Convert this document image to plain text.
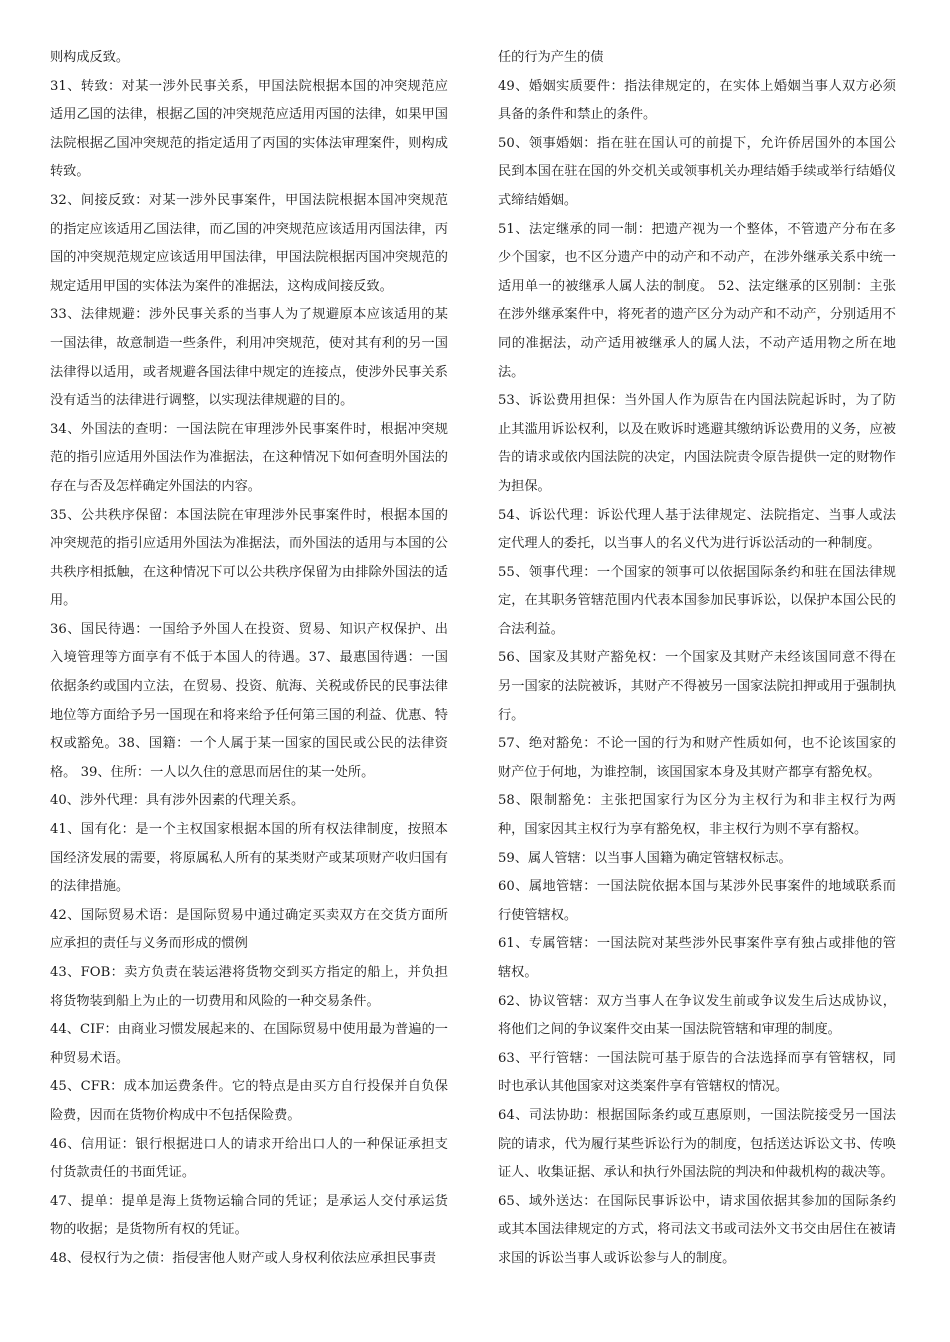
则构成反致。

31、转致：对某一涉外民事关系，甲国法院根据本国的冲突规范应适用乙国的法律，根据乙国的冲突规范应适用丙国的法律，如果甲国法院根据乙国冲突规范的指定适用了丙国的实体法审理案件，则构成转致。

32、间接反致：对某一涉外民事案件，甲国法院根据本国冲突规范的指定应该适用乙国法律，而乙国的冲突规范应该适用丙国法律，丙国的冲突规范规定应该适用甲国法律，甲国法院根据丙国冲突规范的规定适用甲国的实体法为案件的准据法，这构成间接反致。

33、法律规避：涉外民事关系的当事人为了规避原本应该适用的某一国法律，故意制造一些条件，利用冲突规范，使对其有利的另一国法律得以适用，或者规避各国法律中规定的连接点，使涉外民事关系没有适当的法律进行调整，以实现法律规避的目的。

34、外国法的查明：一国法院在审理涉外民事案件时，根据冲突规范的指引应适用外国法作为准据法，在这种情况下如何查明外国法的存在与否及怎样确定外国法的内容。

35、公共秩序保留：本国法院在审理涉外民事案件时，根据本国的冲突规范的指引应适用外国法为准据法，而外国法的适用与本国的公共秩序相抵触，在这种情况下可以公共秩序保留为由排除外国法的适用。

36、国民待遇：一国给予外国人在投资、贸易、知识产权保护、出入境管理等方面享有不低于本国人的待遇。37、最惠国待遇：一国依据条约或国内立法，在贸易、投资、航海、关税或侨民的民事法律地位等方面给予另一国现在和将来给予任何第三国的利益、优惠、特权或豁免。38、国籍：一个人属于某一国家的国民或公民的法律资格。 39、住所：一人以久住的意思而居住的某一处所。

40、涉外代理：具有涉外因素的代理关系。

41、国有化：是一个主权国家根据本国的所有权法律制度，按照本国经济发展的需要，将原属私人所有的某类财产或某项财产收归国有的法律措施。

42、国际贸易术语：是国际贸易中通过确定买卖双方在交货方面所应承担的责任与义务而形成的惯例

43、FOB：卖方负责在装运港将货物交到买方指定的船上，并负担将货物装到船上为止的一切费用和风险的一种交易条件。

44、CIF：由商业习惯发展起来的、在国际贸易中使用最为普遍的一种贸易术语。

45、CFR：成本加运费条件。它的特点是由买方自行投保并自负保险费，因而在货物价构成中不包括保险费。

46、信用证：银行根据进口人的请求开给出口人的一种保证承担支付货款责任的书面凭证。

47、提单：提单是海上货物运输合同的凭证；是承运人交付承运货物的收据；是货物所有权的凭证。

48、侵权行为之债：指侵害他人财产或人身权利依法应承担民事责

任的行为产生的债

49、婚姻实质要件：指法律规定的，在实体上婚姻当事人双方必须具备的条件和禁止的条件。

50、领事婚姻：指在驻在国认可的前提下，允许侨居国外的本国公民到本国在驻在国的外交机关或领事机关办理结婚手续或举行结婚仪式缔结婚姻。

51、法定继承的同一制：把遗产视为一个整体，不管遗产分布在多少个国家，也不区分遗产中的动产和不动产，在涉外继承关系中统一适用单一的被继承人属人法的制度。 52、法定继承的区别制：主张在涉外继承案件中，将死者的遗产区分为动产和不动产，分别适用不同的准据法，动产适用被继承人的属人法，不动产适用物之所在地法。

53、诉讼费用担保：当外国人作为原告在内国法院起诉时，为了防止其滥用诉讼权利，以及在败诉时逃避其缴纳诉讼费用的义务，应被告的请求或依内国法院的决定，内国法院责令原告提供一定的财物作为担保。

54、诉讼代理：诉讼代理人基于法律规定、法院指定、当事人或法定代理人的委托，以当事人的名义代为进行诉讼活动的一种制度。

55、领事代理：一个国家的领事可以依据国际条约和驻在国法律规定，在其职务管辖范围内代表本国参加民事诉讼，以保护本国公民的合法利益。

56、国家及其财产豁免权：一个国家及其财产未经该国同意不得在另一国家的法院被诉，其财产不得被另一国家法院扣押或用于强制执行。

57、绝对豁免：不论一国的行为和财产性质如何，也不论该国家的财产位于何地，为谁控制，该国国家本身及其财产都享有豁免权。

58、限制豁免：主张把国家行为区分为主权行为和非主权行为两种，国家因其主权行为享有豁免权，非主权行为则不享有豁权。

59、属人管辖：以当事人国籍为确定管辖权标志。

60、属地管辖：一国法院依据本国与某涉外民事案件的地域联系而行使管辖权。

61、专属管辖：一国法院对某些涉外民事案件享有独占或排他的管辖权。

62、协议管辖：双方当事人在争议发生前或争议发生后达成协议，将他们之间的争议案件交由某一国法院管辖和审理的制度。

63、平行管辖：一国法院可基于原告的合法选择而享有管辖权，同时也承认其他国家对这类案件享有管辖权的情况。

64、司法协助：根据国际条约或互惠原则，一国法院接受另一国法院的请求，代为履行某些诉讼行为的制度，包括送达诉讼文书、传唤证人、收集证据、承认和执行外国法院的判决和仲裁机构的裁决等。

65、域外送达：在国际民事诉讼中，请求国依据其参加的国际条约或其本国法律规定的方式，将司法文书或司法外文书交由居住在被请求国的诉讼当事人或诉讼参与人的制度。
